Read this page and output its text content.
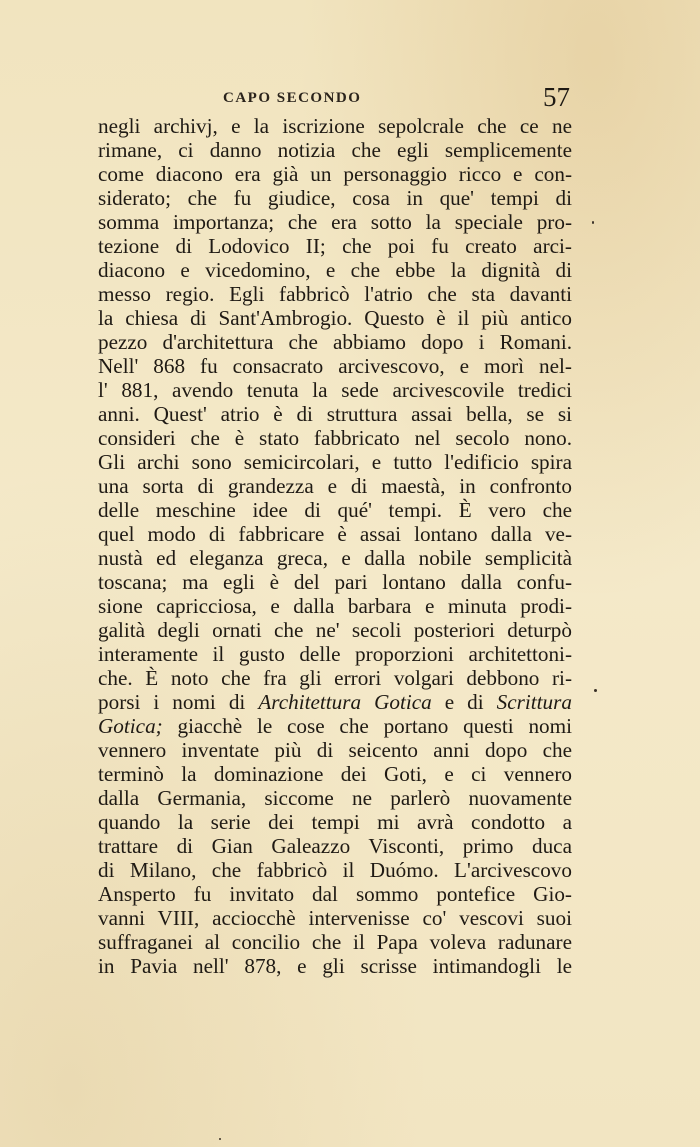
CAPO SECONDO	57
negli archivj, e la iscrizione sepolcrale che ce ne
rimane, ci danno notizia che egli semplicemente
come diacono era già un personaggio ricco e con-
siderato; che fu giudice, cosa in que' tempi di
somma importanza; che era sotto la speciale pro-
tezione di Lodovico II; che poi fu creato arci-
diacono e vicedomino, e che ebbe la dignità di
messo regio. Egli fabbricò l'atrio che sta davanti
la chiesa di Sant'Ambrogio. Questo è il più antico
pezzo d'architettura che abbiamo dopo i Romani.
Nell' 868 fu consacrato arcivescovo, e morì nel-
l' 881, avendo tenuta la sede arcivescovile tredici
anni. Quest' atrio è di struttura assai bella, se si
consideri che è stato fabbricato nel secolo nono.
Gli archi sono semicircolari, e tutto l'edificio spira
una sorta di grandezza e di maestà, in confronto
delle meschine idee di qué' tempi. È vero che
quel modo di fabbricare è assai lontano dalla ve-
nustà ed eleganza greca, e dalla nobile semplicità
toscana; ma egli è del pari lontano dalla confu-
sione capricciosa, e dalla barbara e minuta prodi-
galità degli ornati che ne' secoli posteriori deturpò
interamente il gusto delle proporzioni architettoni-
che. È noto che fra gli errori volgari debbono ri-
porsi i nomi di Architettura Gotica e di Scrittura
Gotica; giacchè le cose che portano questi nomi
vennero inventate più di seicento anni dopo che
terminò la dominazione dei Goti, e ci vennero
dalla Germania, siccome ne parlerò nuovamente
quando la serie dei tempi mi avrà condotto a
trattare di Gian Galeazzo Visconti, primo duca
di Milano, che fabbricò il Duómo. L'arcivescovo
Ansperto fu invitato dal sommo pontefice Gio-
vanni VIII, acciocchè intervenisse co' vescovi suoi
suffraganei al concilio che il Papa voleva radunare
in Pavia nell' 878, e gli scrisse intimandogli le
